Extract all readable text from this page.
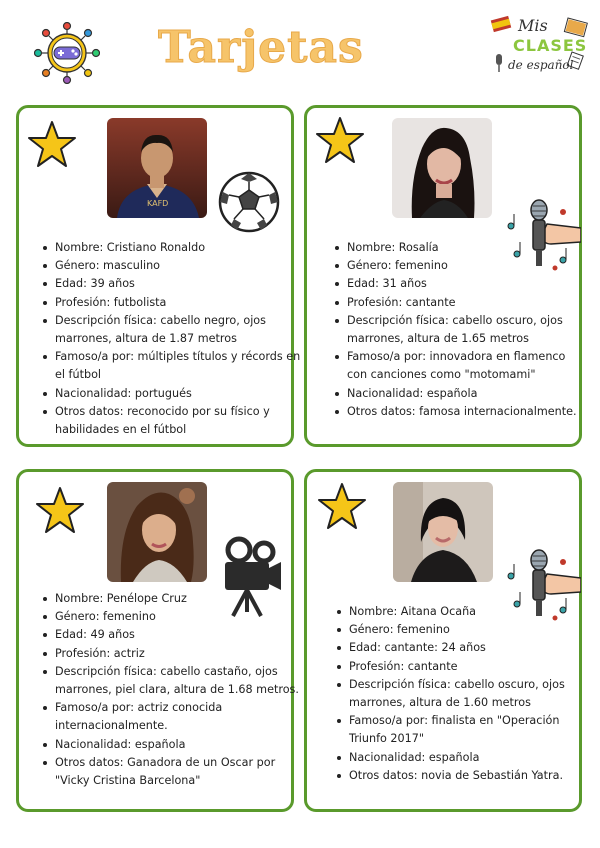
Tarjetas	Mis
CLASES
de español
KAFD
Nombre: Cristiano Ronaldo
Género: masculino
Edad: 39 años
Profesión: futbolista
Descripción física: cabello negro, ojos marrones, altura de 1.87 metros
Famoso/a por: múltiples títulos y récords en el fútbol
Nacionalidad: portugués
Otros datos: reconocido por su físico y habilidades en el fútbol
Nombre: Rosalía
Género: femenino
Edad: 31 años
Profesión: cantante
Descripción física: cabello oscuro, ojos marrones, altura de 1.65 metros
Famoso/a por: innovadora en flamenco con canciones como "motomami"
Nacionalidad: española
Otros datos: famosa internacionalmente.
Nombre: Penélope Cruz
Género: femenino
Edad: 49 años
Profesión: actriz
Descripción física: cabello castaño, ojos marrones, piel clara, altura de 1.68 metros.
Famoso/a por: actriz conocida internacionalmente.
Nacionalidad: española
Otros datos: Ganadora de un Oscar por "Vicky Cristina Barcelona"
Nombre: Aitana Ocaña
Género: femenino
Edad: cantante: 24 años
Profesión: cantante
Descripción física: cabello oscuro, ojos marrones, altura de 1.60 metros
Famoso/a por: finalista en "Operación Triunfo 2017"
Nacionalidad: española
Otros datos: novia de Sebastián Yatra.
